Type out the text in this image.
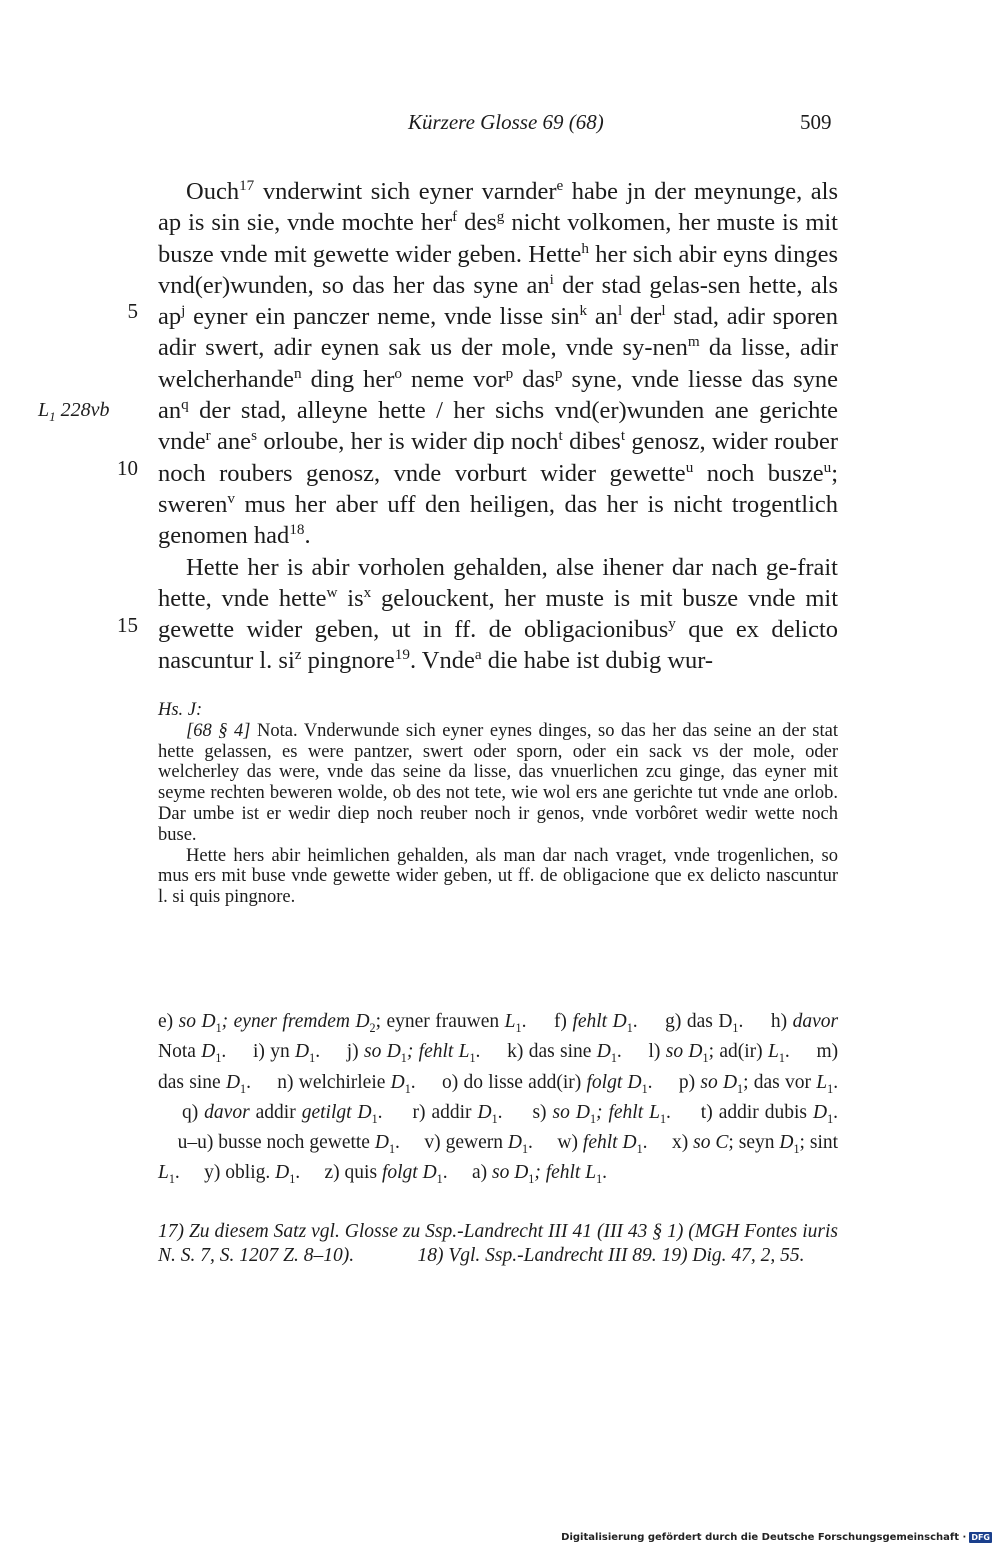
Kürzere Glosse 69 (68)	509
5
10
15
$L_1$ 228vb

Ouch$^{17}$ vnderwint sich eyner varnder$^e$ habe jn der meynunge, als ap is sin sie, vnde mochte her$^f$ des$^g$ nicht volkomen, her muste is mit busze vnde mit gewette wider geben. Hette$^h$ her sich abir eyns dinges vnd(er)wunden, so das her das syne $an^i$ der stad gelas-sen hette, als $ap^j$ eyner ein panczer neme, vnde lisse $\sin^k an^l$ der$^l$ stad, adir sporen adir swert, adir eynen sak us der mole, vnde sy-nen$^m$ da lisse, adir welcherhande$^n$ ding her$^o$ neme vor$^p$ das$^p$ syne, vnde liesse das syne $an^q$ der stad, alleyne hette / her sichs vnd(er)wunden ane gerichte vnde$^r$ ane$^s$ orloube, her is wider dip noch$^t$ dibes$^t$ genosz, wider rouber noch roubers genosz, vnde vorburt wider gewette$^u$ noch busze$^u$; sweren$^v$ mus her aber uff den heiligen, das her is nicht trogentlich genomen had$^{18}$.

Hette her is abir vorholen gehalden, alse ihener dar nach ge-frait hette, vnde hette$^w$ $is^x$ gelouckent, her muste is mit busze vnde mit gewette wider geben, ut in ff. de obligacionibus$^y$ que ex delicto nascuntur l. $si^z$ pingnore$^{19}$. Vnde$^a$ die habe ist dubig wur-

Hs. J:

[68 § 4] Nota. Vnderwunde sich eyner eynes dinges, so das her das seine an der stat hette gelassen, es were pantzer, swert oder sporn, oder ein sack vs der mole, oder welcherley das were, vnde das seine da lisse, das vnuerlichen zcu ginge, das eyner mit seyme rechten beweren wolde, ob des not tete, wie wol ers ane gerichte tut vnde ane orlob. Dar umbe ist er wedir diep noch reuber noch ir genos, vnde vorbôret wedir wette noch buse.

Hette hers abir heimlichen gehalden, als man dar nach vraget, vnde trogenlichen, so mus ers mit buse vnde gewette wider geben, ut ff. de obligacione que ex delicto nascuntur l. si quis pingnore.

e) so $D_1$; eyner fremdem $D_2$; eyner frauwen $L_1$. f) fehlt $D_1$. g) das $D_1$. h) davor Nota $D_1$. i) yn $D_1$. j) so $D_1$; fehlt $L_1$. k) das sine $D_1$. l) so $D_1$; ad(ir) $L_1$. m) das sine $D_1$. n) welchirleie $D_1$. o) do lisse add(ir) folgt $D_1$. p) so $D_1$; das vor $L_1$.     q) davor addir getilgt $D_1$. r) addir $D_1$. s) so $D_1$; fehlt $L_1$. t) addir dubis $D_1$.     u–u) busse noch gewette $D_1$. v) gewern $D_1$. w) fehlt $D_1$. x) so C; seyn $D_1$; sint $L_1$. y) oblig. $D_1$. z) quis folgt $D_1$. a) so $D_1$; fehlt $L_1$.
17) Zu diesem Satz vgl. Glosse zu Ssp.-Landrecht III 41 (III 43 § 1) (MGH Fontes iuris N. S. 7, S. 1207 Z. 8–10).	18) Vgl. Ssp.-Landrecht III 89. 19) Dig. 47, 2, 55.
Digitalisierung gefördert durch die Deutsche Forschungsgemeinschaft · DFG
